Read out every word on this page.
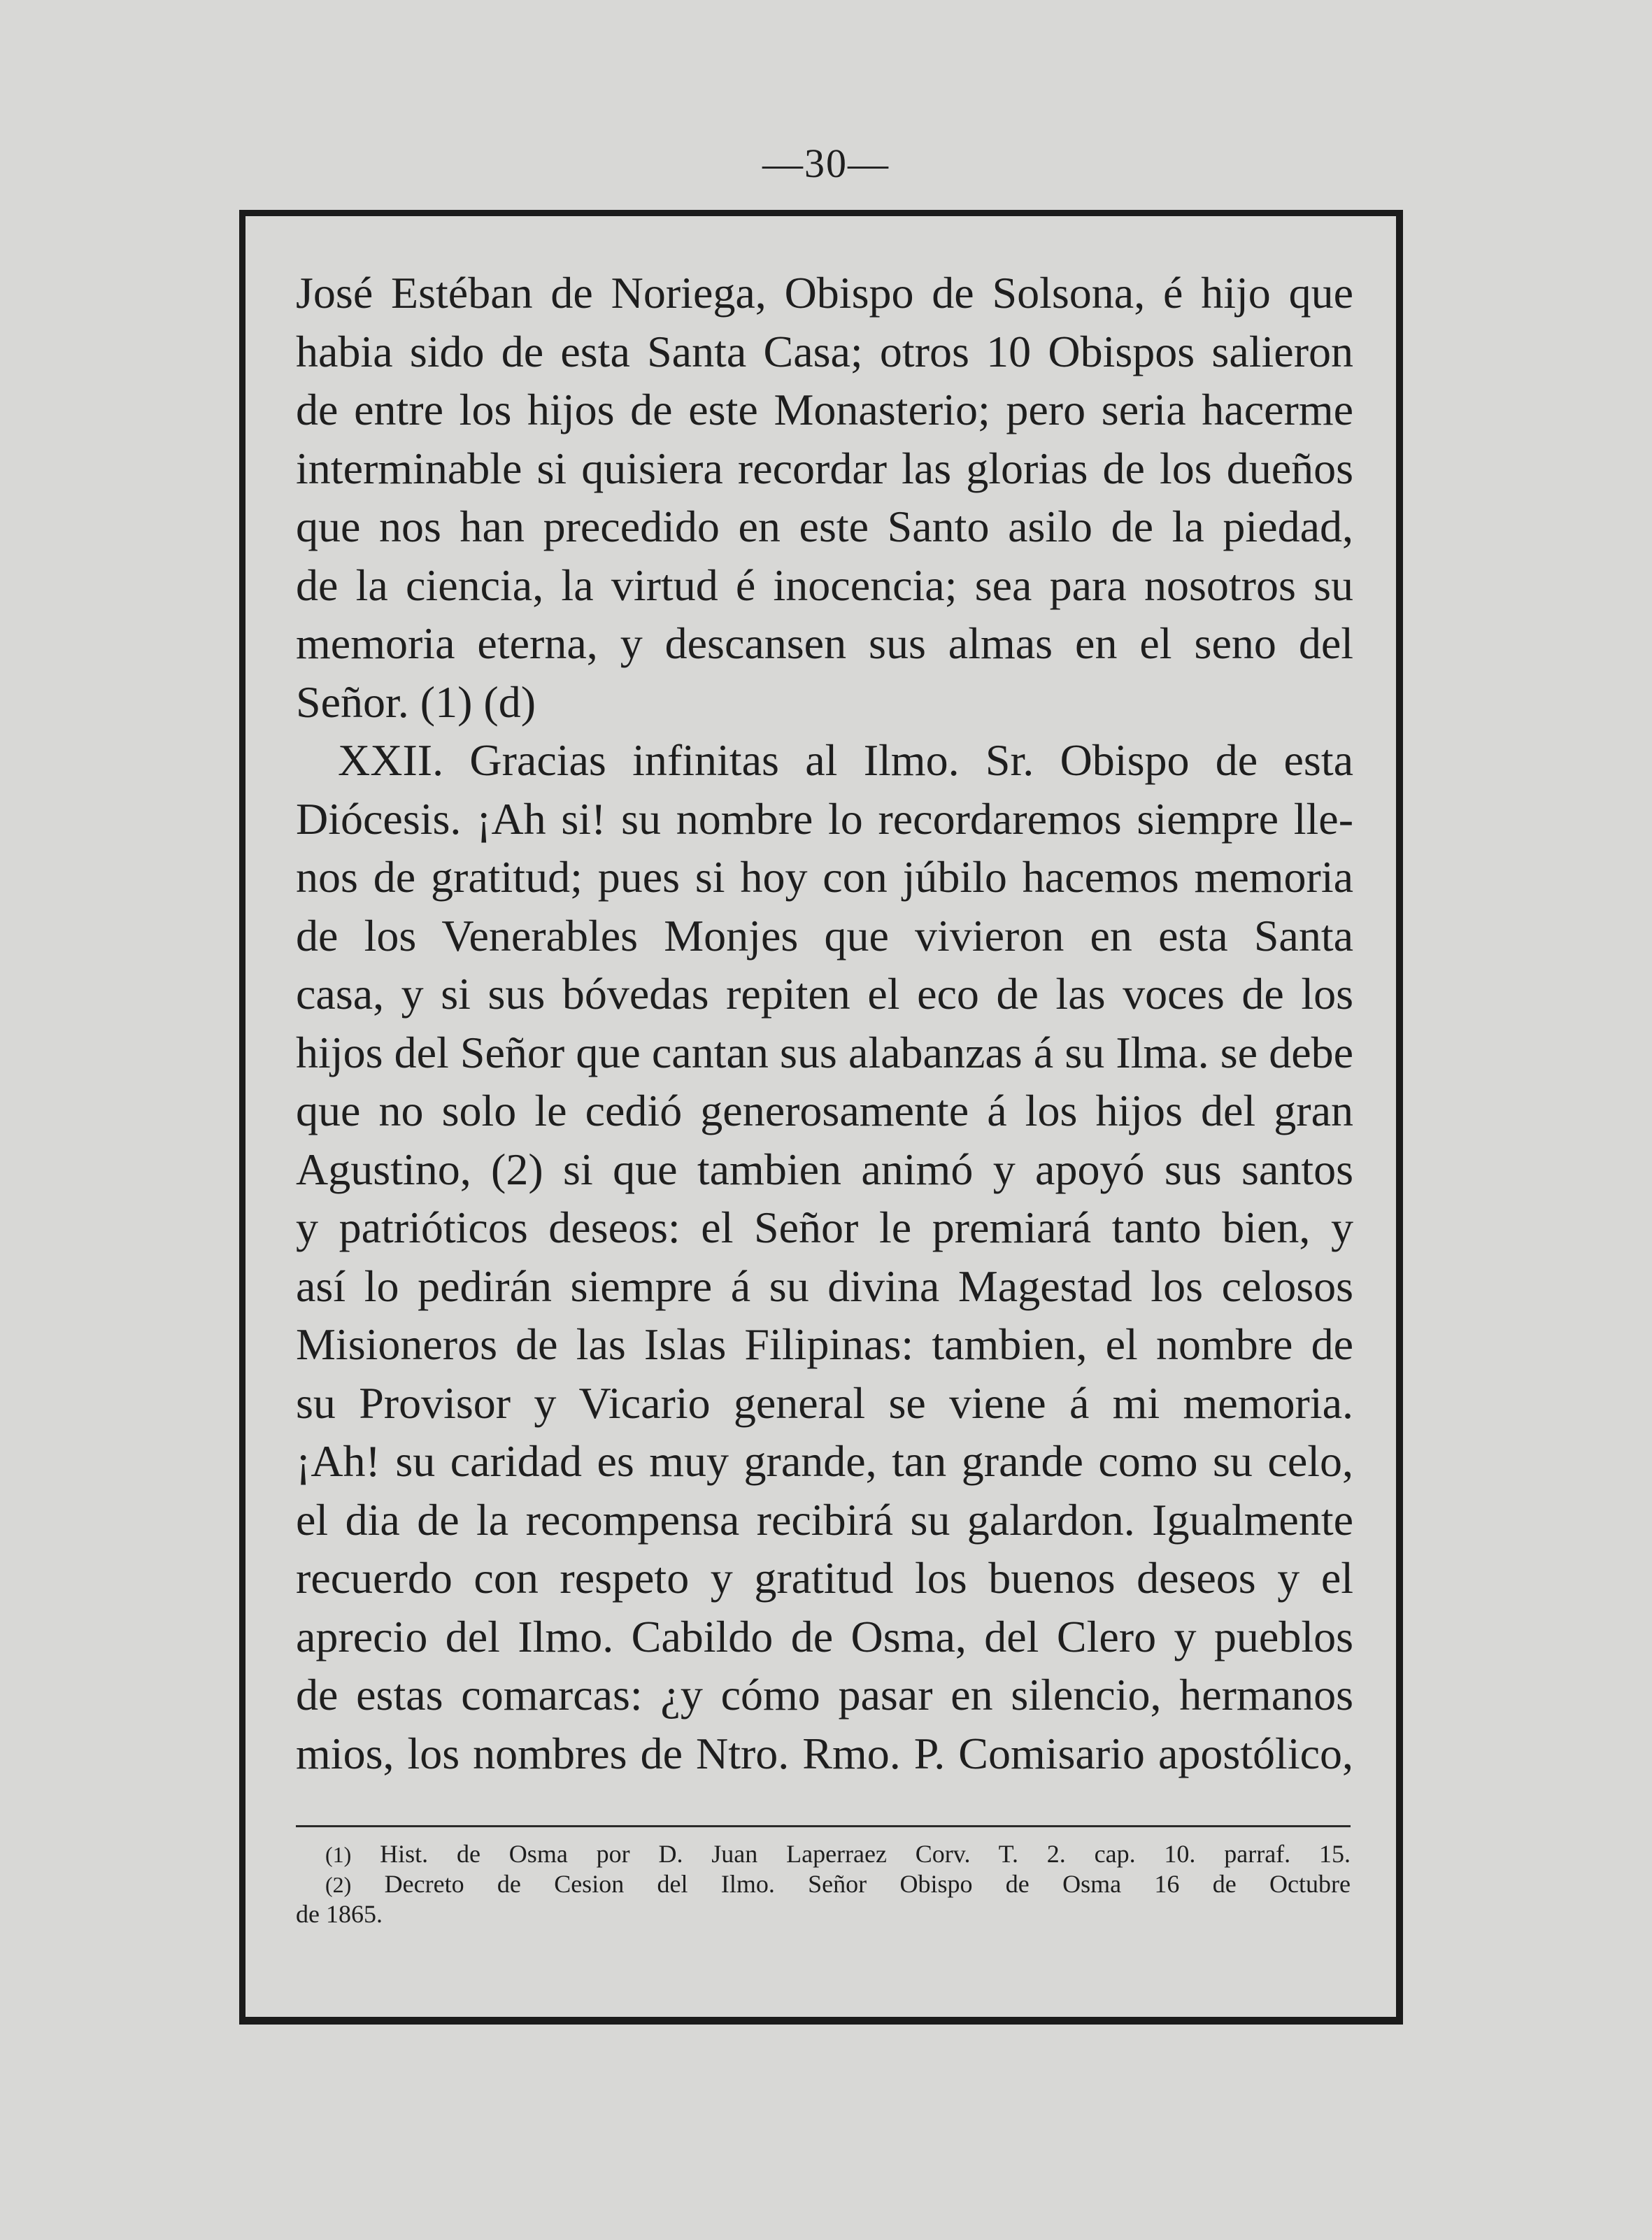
—30—
José Estéban de Noriega, Obispo de Solsona, é hijo que
habia sido de esta Santa Casa; otros 10 Obispos salieron
de entre los hijos de este Monasterio; pero seria hacerme
interminable si quisiera recordar las glorias de los dueños
que nos han precedido en este Santo asilo de la piedad,
de la ciencia, la virtud é inocencia; sea para nosotros su
memoria eterna, y descansen sus almas en el seno del
Señor. (1) (d)
XXII. Gracias infinitas al Ilmo. Sr. Obispo de esta
Diócesis. ¡Ah si! su nombre lo recordaremos siempre lle-
nos de gratitud; pues si hoy con júbilo hacemos memoria
de los Venerables Monjes que vivieron en esta Santa
casa, y si sus bóvedas repiten el eco de las voces de los
hijos del Señor que cantan sus alabanzas á su Ilma. se debe
que no solo le cedió generosamente á los hijos del gran
Agustino, (2) si que tambien animó y apoyó sus santos
y patrióticos deseos: el Señor le premiará tanto bien, y
así lo pedirán siempre á su divina Magestad los celosos
Misioneros de las Islas Filipinas: tambien, el nombre de
su Provisor y Vicario general se viene á mi memoria.
¡Ah! su caridad es muy grande, tan grande como su celo,
el dia de la recompensa recibirá su galardon. Igualmente
recuerdo con respeto y gratitud los buenos deseos y el
aprecio del Ilmo. Cabildo de Osma, del Clero y pueblos
de estas comarcas: ¿y cómo pasar en silencio, hermanos
mios, los nombres de Ntro. Rmo. P. Comisario apostólico,
(1) Hist. de Osma por D. Juan Laperraez Corv. T. 2. cap. 10. parraf. 15.
(2) Decreto de Cesion del Ilmo. Señor Obispo de Osma 16 de Octubre
de 1865.
